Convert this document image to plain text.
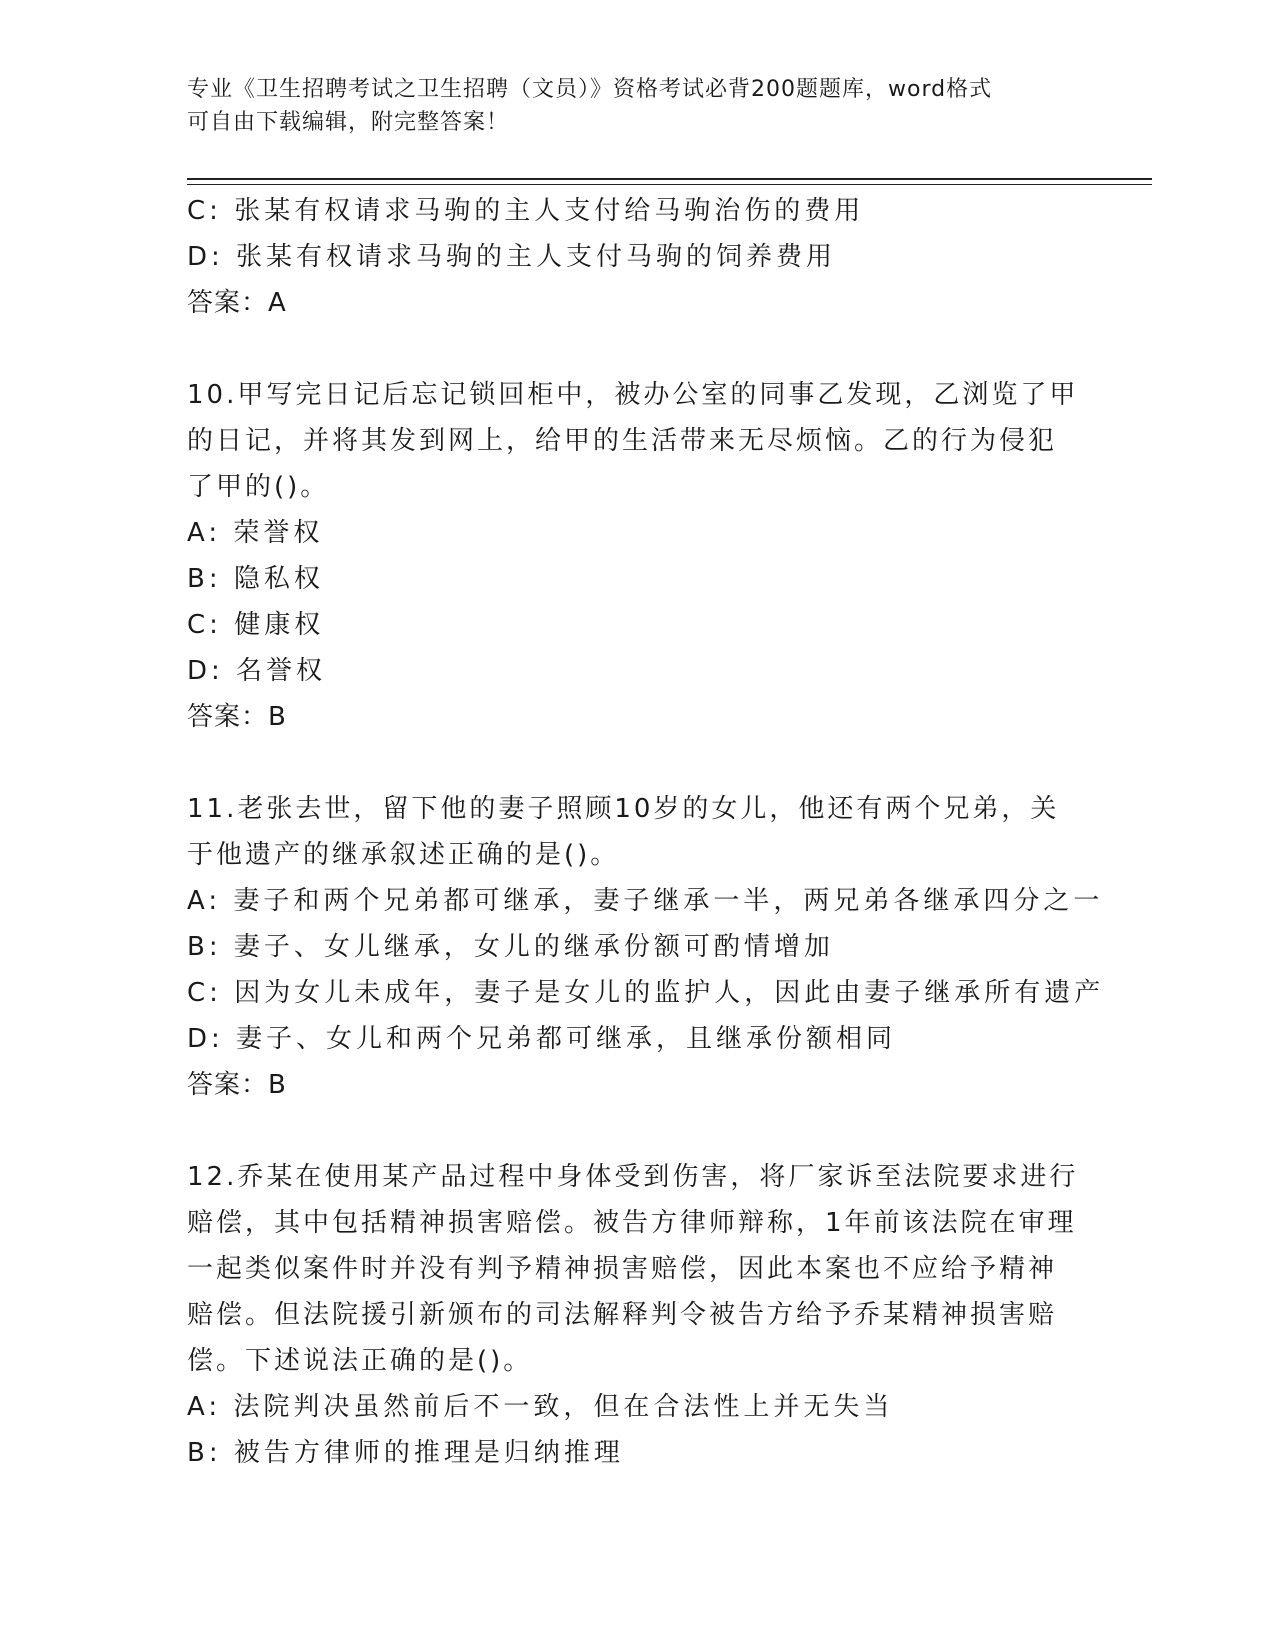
专业《卫生招聘考试之卫生招聘（文员）》资格考试必背200题题库，word格式
可自由下载编辑，附完整答案！
C: 张某有权请求马驹的主人支付给马驹治伤的费用
D: 张某有权请求马驹的主人支付马驹的饲养费用
答案：A
10.甲写完日记后忘记锁回柜中，被办公室的同事乙发现，乙浏览了甲
的日记，并将其发到网上，给甲的生活带来无尽烦恼。乙的行为侵犯
了甲的()。
A: 荣誉权
B: 隐私权
C: 健康权
D: 名誉权
答案：B
11.老张去世，留下他的妻子照顾10岁的女儿，他还有两个兄弟，关
于他遗产的继承叙述正确的是()。
A: 妻子和两个兄弟都可继承，妻子继承一半，两兄弟各继承四分之一
B: 妻子、女儿继承，女儿的继承份额可酌情增加
C: 因为女儿未成年，妻子是女儿的监护人，因此由妻子继承所有遗产
D: 妻子、女儿和两个兄弟都可继承，且继承份额相同
答案：B
12.乔某在使用某产品过程中身体受到伤害，将厂家诉至法院要求进行
赔偿，其中包括精神损害赔偿。被告方律师辩称，1年前该法院在审理
一起类似案件时并没有判予精神损害赔偿，因此本案也不应给予精神
赔偿。但法院援引新颁布的司法解释判令被告方给予乔某精神损害赔
偿。下述说法正确的是()。
A: 法院判决虽然前后不一致，但在合法性上并无失当
B: 被告方律师的推理是归纳推理
